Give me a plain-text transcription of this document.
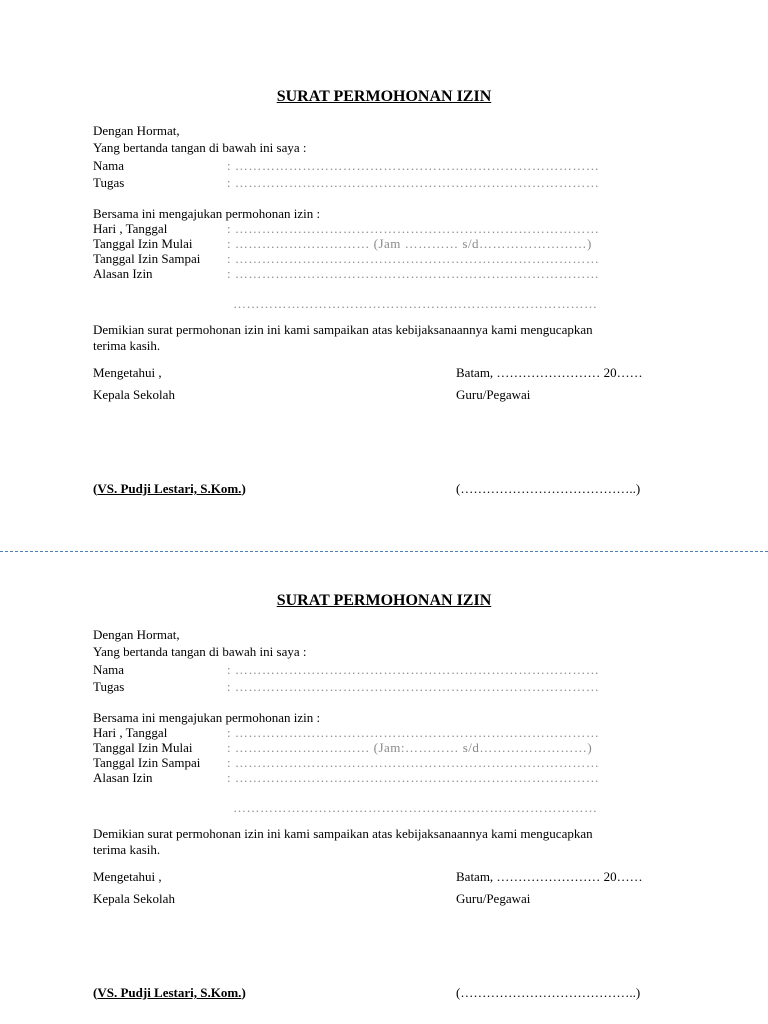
SURAT PERMOHONAN IZIN
Dengan Hormat,
Yang bertanda tangan di bawah ini saya :
Nama	: ………………………………………………………………………
Tugas	: ………………………………………………………………………
Bersama ini mengajukan permohonan izin :
Hari , Tanggal	: ………………………………………………………………………
Tanggal Izin Mulai	: ………………………… (Jam ………… s/d……………………)
Tanggal Izin Sampai : ………………………………………………………………………
Alasan Izin	: ………………………………………………………………………
………………………………………………………………………
Demikian surat permohonan izin ini kami sampaikan atas kebijaksanaannya kami mengucapkan
terima kasih.
Mengetahui ,	Batam, …………………… 20……
Kepala Sekolah	Guru/Pegawai
(VS. Pudji Lestari, S.Kom.)	(…………………………………..)
SURAT PERMOHONAN IZIN
Dengan Hormat,
Yang bertanda tangan di bawah ini saya :
Nama	: ………………………………………………………………………
Tugas	: ………………………………………………………………………
Bersama ini mengajukan permohonan izin :
Hari , Tanggal	: ………………………………………………………………………
Tanggal Izin Mulai	: ………………………… (Jam:………… s/d……………………)
Tanggal Izin Sampai : ………………………………………………………………………
Alasan Izin	: ………………………………………………………………………
………………………………………………………………………
Demikian surat permohonan izin ini kami sampaikan atas kebijaksanaannya kami mengucapkan
terima kasih.
Mengetahui ,	Batam, …………………… 20……
Kepala Sekolah	Guru/Pegawai
(VS. Pudji Lestari, S.Kom.)	(…………………………………..)
